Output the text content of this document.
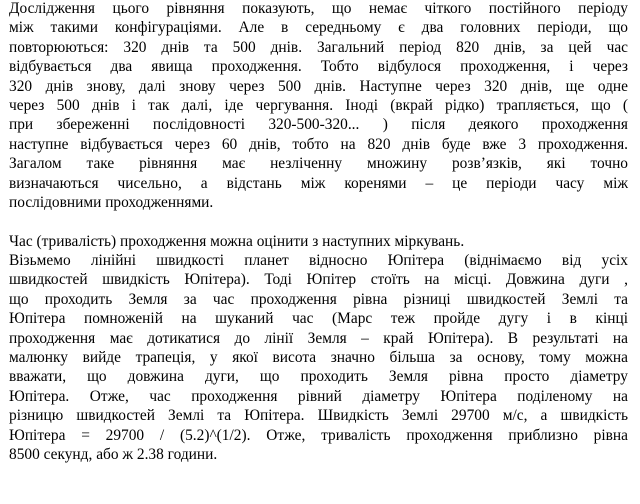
Дослідження цього рівняння показують, що немає чіткого постійного періоду
між такими конфігураціями. Але в середньому є два головних періоди, що
повторюються: 320 днів та 500 днів. Загальний період 820 днів, за цей час
відбувається два явища проходження. Тобто відбулося проходження, і через
320 днів знову, далі знову через 500 днів. Наступне через 320 днів, ще одне
через 500 днів і так далі, іде чергування. Іноді (вкрай рідко) трапляється, що (
при збереженні послідовності 320-500-320... ) після деякого проходження
наступне відбувається через 60 днів, тобто на 820 днів буде вже 3 проходження.
Загалом таке рівняння має незліченну множину розв’язків, які точно
визначаються чисельно, а відстань між коренями – це періоди часу між
послідовними проходженнями.
Час (тривалість) проходження можна оцінити з наступних міркувань.
Візьмемо лінійні швидкості планет відносно Юпітера (віднімаємо від усіх
швидкостей швидкість Юпітера). Тоді Юпітер стоїть на місці. Довжина дуги ,
що проходить Земля за час проходження рівна різниці швидкостей Землі та
Юпітера помноженій на шуканий час (Марс теж пройде дугу і в кінці
проходження має дотикатися до лінії Земля – край Юпітера). В результаті на
малюнку вийде трапеція, у якої висота значно більша за основу, тому можна
вважати, що довжина дуги, що проходить Земля рівна просто діаметру
Юпітера. Отже, час проходження рівний діаметру Юпітера поділеному на
різницю швидкостей Землі та Юпітера. Швидкість Землі 29700 м/с, а швидкість
Юпітера = 29700 / (5.2)^(1/2). Отже, тривалість проходження приблизно рівна
8500 секунд, або ж 2.38 години.
